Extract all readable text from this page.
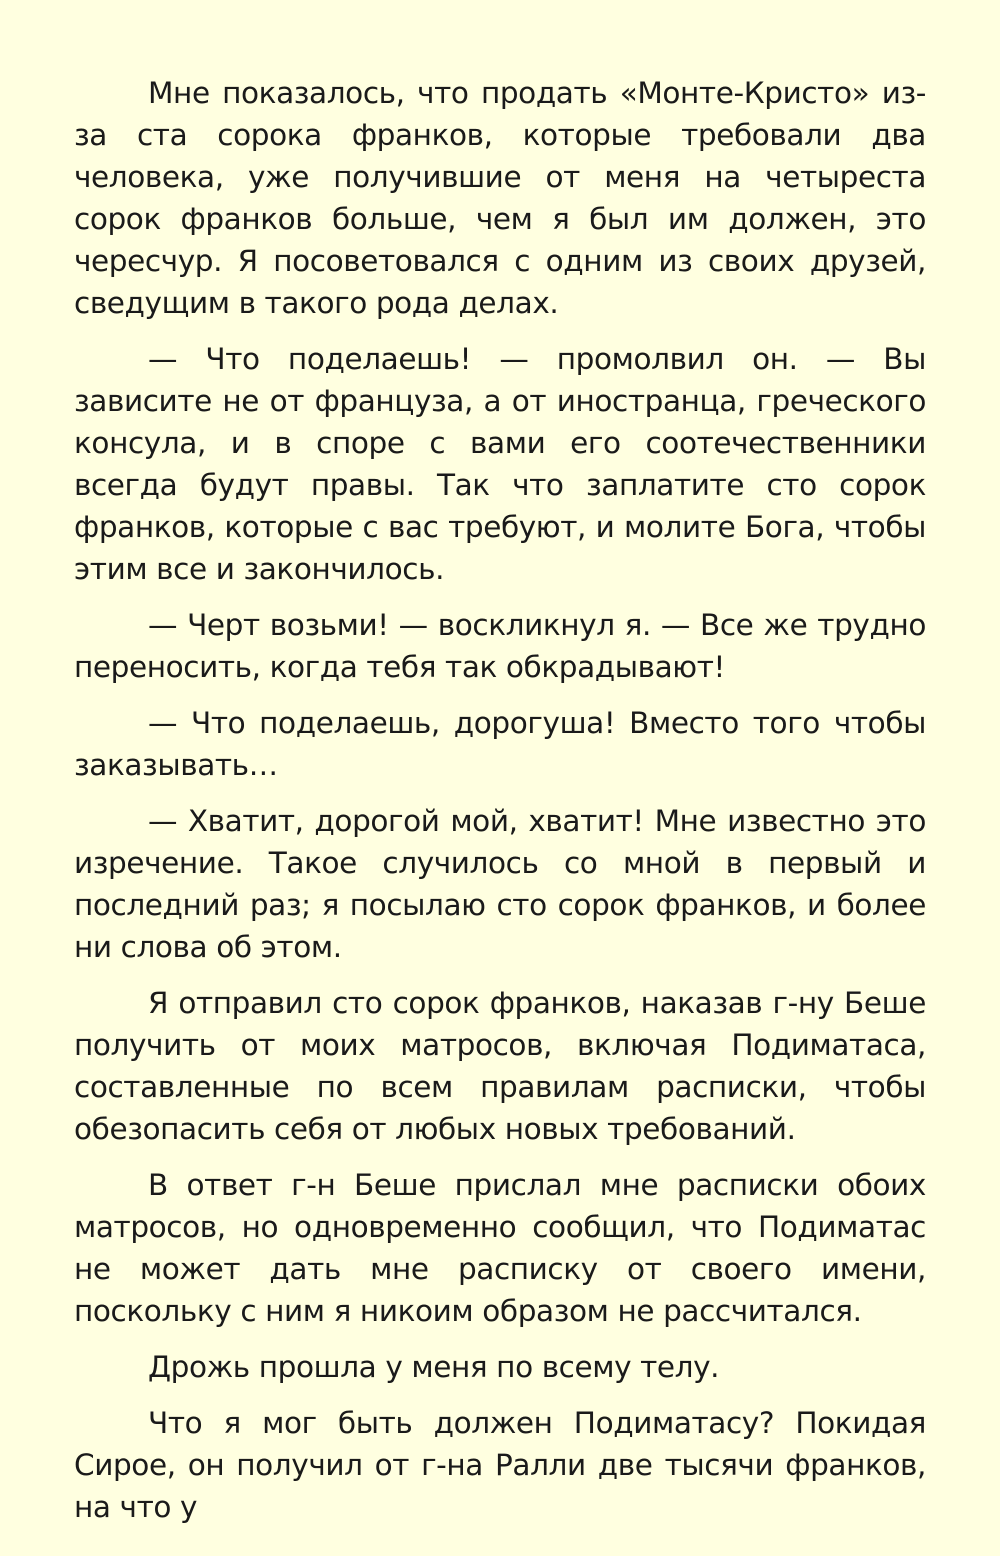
Мне показалось, что продать «Монте-Кристо» из-за ста сорока франков, которые требовали два человека, уже получившие от меня на четыреста сорок франков больше, чем я был им должен, это чересчур. Я посоветовался с одним из своих друзей, сведущим в такого рода делах.

— Что поделаешь! — промолвил он. — Вы зависите не от француза, а от иностранца, греческого консула, и в споре с вами его соотечественники всегда будут правы. Так что заплатите сто сорок франков, которые с вас требуют, и молите Бога, чтобы этим все и закончилось.

— Черт возьми! — воскликнул я. — Все же трудно переносить, когда тебя так обкрадывают!

— Что поделаешь, дорогуша! Вместо того чтобы заказывать…

— Хватит, дорогой мой, хватит! Мне известно это изречение. Такое случилось со мной в первый и последний раз; я посылаю сто сорок франков, и более ни слова об этом.

Я отправил сто сорок франков, наказав г-ну Беше получить от моих матросов, включая Подиматаса, составленные по всем правилам расписки, чтобы обезопасить себя от любых новых требований.

В ответ г-н Беше прислал мне расписки обоих матросов, но одновременно сообщил, что Подиматас не может дать мне расписку от своего имени, поскольку с ним я никоим образом не рассчитался.

Дрожь прошла у меня по всему телу.

Что я мог быть должен Подиматасу? Покидая Сирое, он получил от г-на Ралли две тысячи франков, на что у
